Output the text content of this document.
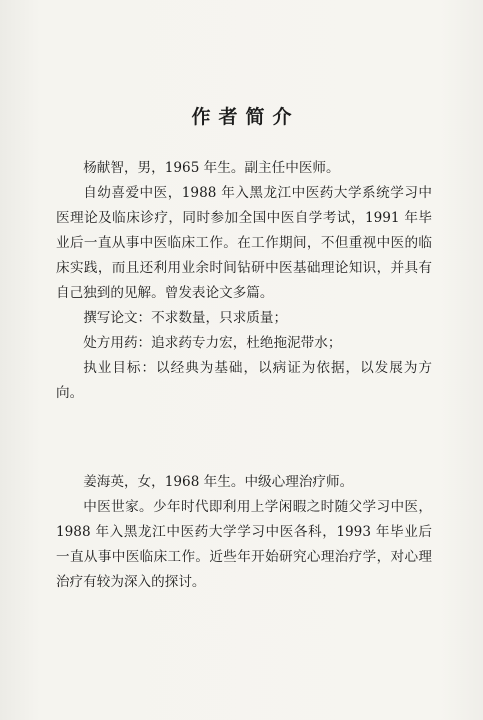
作者简介

杨献智，男，1965 年生。副主任中医师。

自幼喜爱中医，1988 年入黑龙江中医药大学系统学习中医理论及临床诊疗，同时参加全国中医自学考试，1991 年毕业后一直从事中医临床工作。在工作期间，不但重视中医的临床实践，而且还利用业余时间钻研中医基础理论知识，并具有自己独到的见解。曾发表论文多篇。

撰写论文：不求数量，只求质量；

处方用药：追求药专力宏，杜绝拖泥带水；

执业目标：以经典为基础，以病证为依据，以发展为方向。

姜海英，女，1968 年生。中级心理治疗师。

中医世家。少年时代即利用上学闲暇之时随父学习中医，1988 年入黑龙江中医药大学学习中医各科，1993 年毕业后一直从事中医临床工作。近些年开始研究心理治疗学，对心理治疗有较为深入的探讨。
